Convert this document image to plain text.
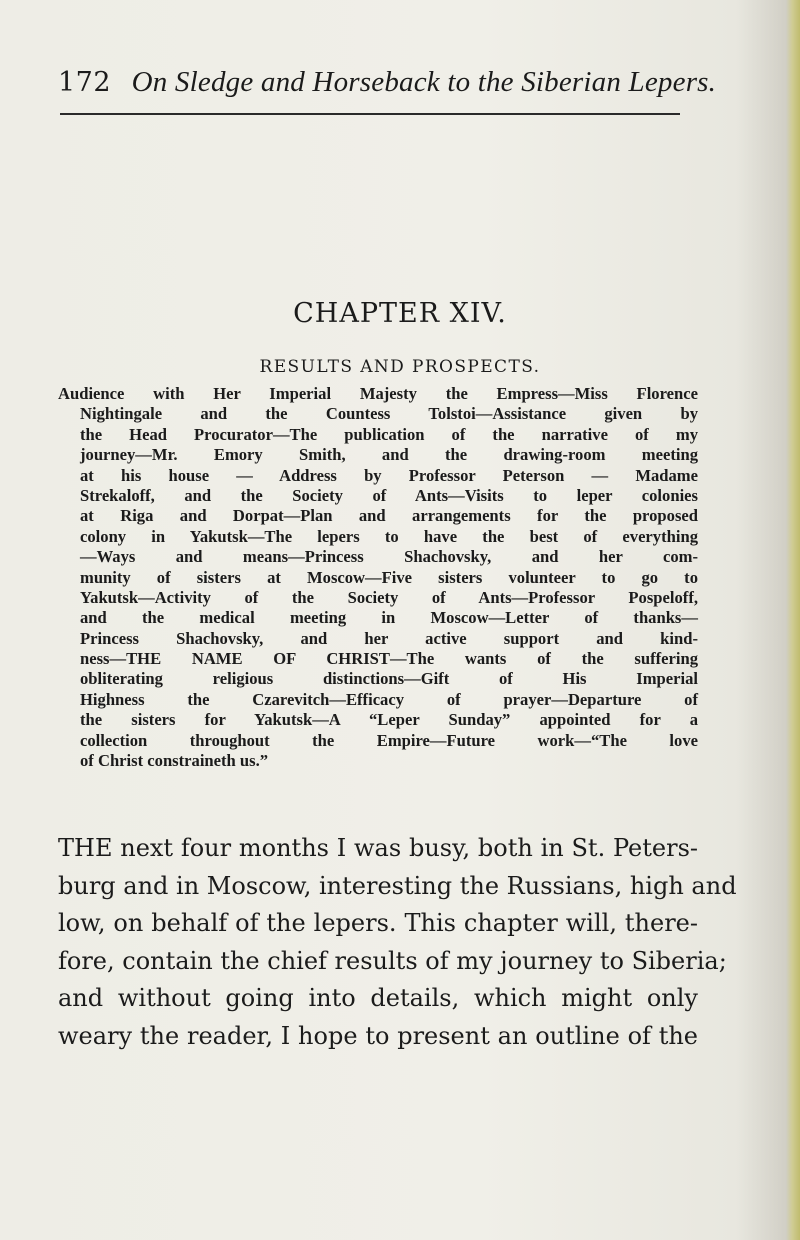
172 On Sledge and Horseback to the Siberian Lepers.
CHAPTER XIV.
RESULTS AND PROSPECTS.
Audience with Her Imperial Majesty the Empress—Miss Florence
Nightingale and the Countess Tolstoi—Assistance given by
the Head Procurator—The publication of the narrative of my
journey—Mr. Emory Smith, and the drawing-room meeting
at his house — Address by Professor Peterson — Madame
Strekaloff, and the Society of Ants—Visits to leper colonies
at Riga and Dorpat—Plan and arrangements for the proposed
colony in Yakutsk—The lepers to have the best of everything
—Ways and means—Princess Shachovsky, and her com-
munity of sisters at Moscow—Five sisters volunteer to go to
Yakutsk—Activity of the Society of Ants—Professor Pospeloff,
and the medical meeting in Moscow—Letter of thanks—
Princess Shachovsky, and her active support and kind-
ness—THE NAME OF CHRIST—The wants of the suffering
obliterating religious distinctions—Gift of His Imperial
Highness the Czarevitch—Efficacy of prayer—Departure of
the sisters for Yakutsk—A “Leper Sunday” appointed for a
collection throughout the Empire—Future work—“The love
of Christ constraineth us.”
THE next four months I was busy, both in St. Peters-
burg and in Moscow, interesting the Russians, high and
low, on behalf of the lepers. This chapter will, there-
fore, contain the chief results of my journey to Siberia;
and without going into details, which might only
weary the reader, I hope to present an outline of the
